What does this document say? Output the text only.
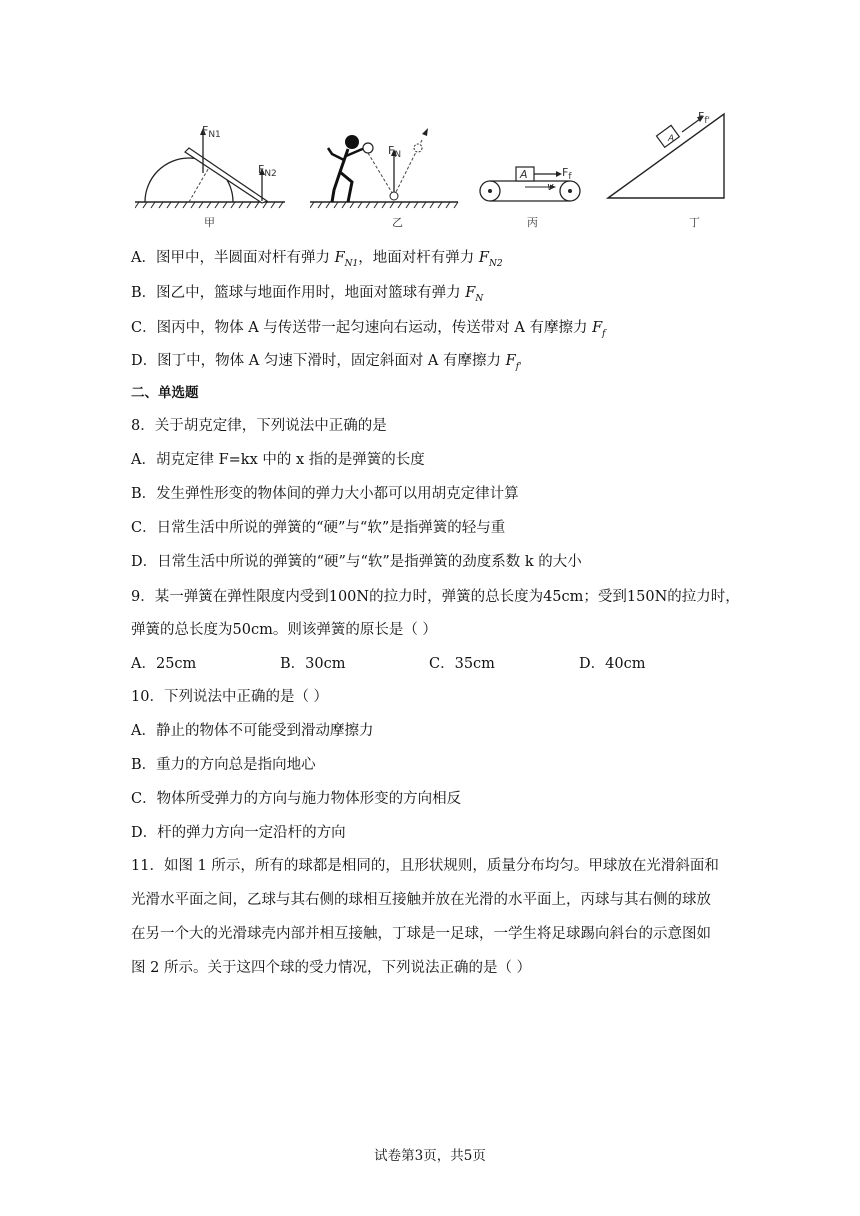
$F_{N1}$
$F_{N2}$
甲
$F_N$
乙
A	$F_f$
v
丙
A
$F_{f'}$
丁
A．图甲中，半圆面对杆有弹力 $F_{N1}$，地面对杆有弹力 $F_{N2}$
B．图乙中，篮球与地面作用时，地面对篮球有弹力 $F_N$
C．图丙中，物体 A 与传送带一起匀速向右运动，传送带对 A 有摩擦力 $F_f$
D．图丁中，物体 A 匀速下滑时，固定斜面对 A 有摩擦力 $F_{f'}$
二、单选题
8．关于胡克定律，下列说法中正确的是
A．胡克定律 F=kx 中的 x 指的是弹簧的长度
B．发生弹性形变的物体间的弹力大小都可以用胡克定律计算
C．日常生活中所说的弹簧的“硬”与“软”是指弹簧的轻与重
D．日常生活中所说的弹簧的“硬”与“软”是指弹簧的劲度系数 k 的大小
9．某一弹簧在弹性限度内受到100N的拉力时，弹簧的总长度为45cm；受到150N的拉力时，
弹簧的总长度为50cm。则该弹簧的原长是（ ）
A．25cm	B．30cm	C．35cm	D．40cm
10．下列说法中正确的是（ ）
A．静止的物体不可能受到滑动摩擦力
B．重力的方向总是指向地心
C．物体所受弹力的方向与施力物体形变的方向相反
D．杆的弹力方向一定沿杆的方向
11．如图 1 所示，所有的球都是相同的，且形状规则，质量分布均匀。甲球放在光滑斜面和
光滑水平面之间，乙球与其右侧的球相互接触并放在光滑的水平面上，丙球与其右侧的球放
在另一个大的光滑球壳内部并相互接触，丁球是一足球，一学生将足球踢向斜台的示意图如
图 2 所示。关于这四个球的受力情况，下列说法正确的是（ ）
试卷第3页，共5页
